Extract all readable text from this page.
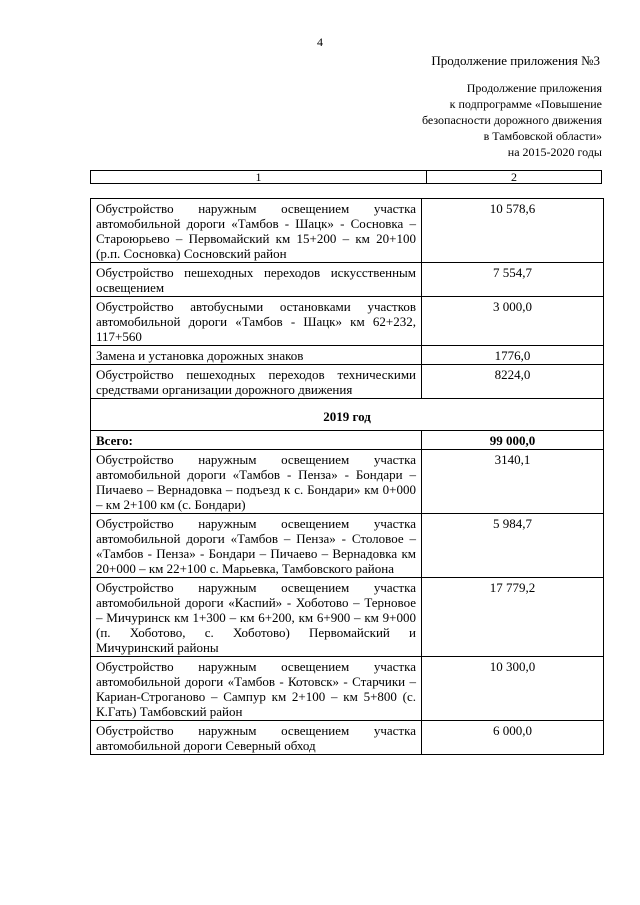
4
Продолжение приложения №3
Продолжение приложения
к подпрограмме «Повышение
безопасности дорожного движения
в Тамбовской области»
на 2015-2020 годы
1	2
Обустройство наружным освещением участка автомобильной дороги «Тамбов - Шацк» - Сосновка – Староюрьево – Первомайский км 15+200 – км 20+100 (р.п. Сосновка) Сосновский район	10 578,6
Обустройство пешеходных переходов искусственным освещением	7 554,7
Обустройство автобусными остановками участков автомобильной дороги «Тамбов - Шацк» км 62+232, 117+560	3 000,0
Замена и установка дорожных знаков	1776,0
Обустройство пешеходных переходов техническими средствами организации дорожного движения	8224,0
2019 год	
Всего:	99 000,0
Обустройство наружным освещением участка автомобильной дороги «Тамбов - Пенза» - Бондари – Пичаево – Вернадовка – подъезд к с. Бондари» км 0+000 – км 2+100 км (с. Бондари)	3140,1
Обустройство наружным освещением участка автомобильной дороги «Тамбов – Пенза» - Столовое – «Тамбов - Пенза» - Бондари – Пичаево – Вернадовка км 20+000 – км 22+100 с. Марьевка, Тамбовского района	5 984,7
Обустройство наружным освещением участка автомобильной дороги «Каспий» - Хоботово – Терновое – Мичуринск км 1+300 – км 6+200, км 6+900 – км 9+000 (п. Хоботово, с. Хоботово) Первомайский и Мичуринский районы	17 779,2
Обустройство наружным освещением участка автомобильной дороги «Тамбов - Котовск» - Старчики – Кариан-Строганово – Сампур км 2+100 – км 5+800 (с. К.Гать) Тамбовский район	10 300,0
Обустройство наружным освещением участка автомобильной дороги Северный обход	6 000,0
